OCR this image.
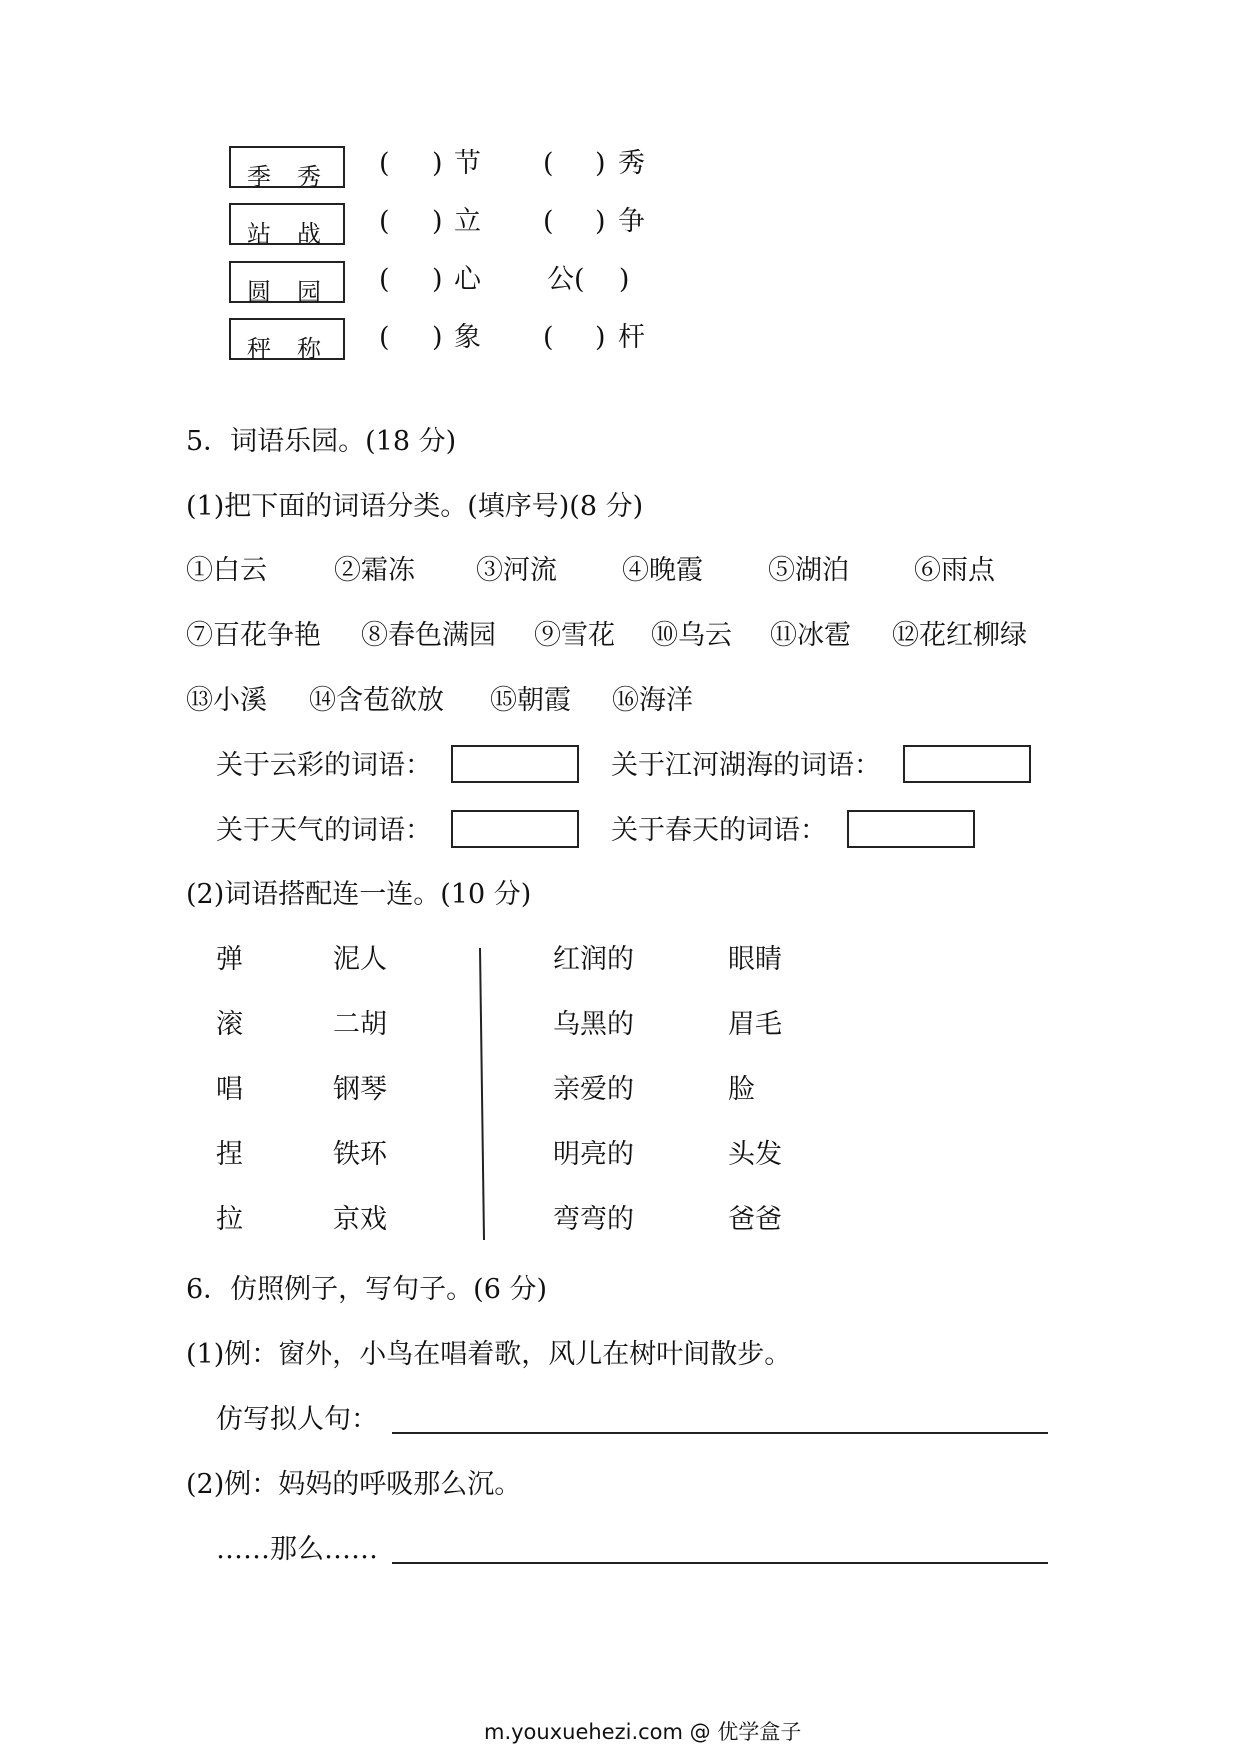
季 秀 ( ) 节 ( ) 秀
站 战 ( ) 立 ( ) 争
圆 园 ( ) 心 公(    )
秤 称 ( ) 象 ( ) 杆
5．词语乐园。(18 分)
(1)把下面的词语分类。(填序号)(8 分)
①白云 ②霜冻 ③河流 ④晚霞 ⑤湖泊 ⑥雨点
⑦百花争艳 ⑧春色满园 ⑨雪花 ⑩乌云 ⑪冰雹 ⑫花红柳绿
⑬小溪 ⑭含苞欲放 ⑮朝霞 ⑯海洋
关于云彩的词语：	关于江河湖海的词语：
关于天气的词语：	关于春天的词语：
(2)词语搭配连一连。(10 分)
弹
滚
唱
捏
拉
泥人
二胡
钢琴
铁环
京戏
红润的
乌黑的
亲爱的
明亮的
弯弯的
眼睛
眉毛
脸
头发
爸爸
6．仿照例子，写句子。(6 分)
(1)例：窗外，小鸟在唱着歌，风儿在树叶间散步。
仿写拟人句：
(2)例：妈妈的呼吸那么沉。
……那么……
m.youxuehezi.com @ 优学盒子
